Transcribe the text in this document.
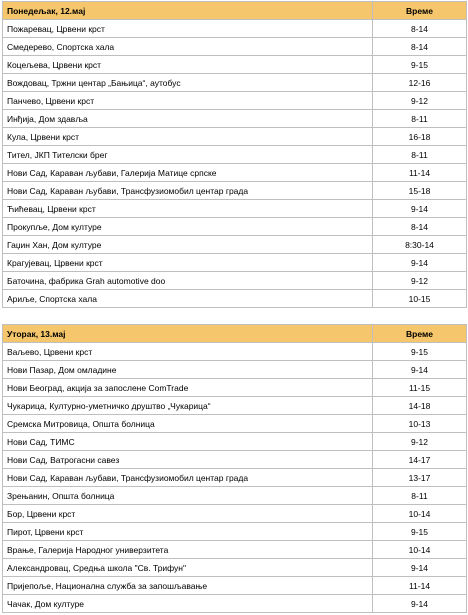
Понедељак, 12.мај	Време
Пожаревац, Црвени крст	8-14
Смедерево, Спортска хала	8-14
Коцељева, Црвени крст	9-15
Вождовац, Тржни центар „Бањица“, аутобус	12-16
Панчево, Црвени крст	9-12
Инђија, Дом здавља	8-11
Кула, Црвени крст	16-18
Тител, ЈКП Тителски брег	8-11
Нови Сад, Караван љубави, Галерија Матице српске	11-14
Нови Сад, Караван љубави, Трансфузиомобил центар града	15-18
Ћићевац, Црвени крст	9-14
Прокупље, Дом културе	8-14
Гаџин Хан, Дом културе	8:30-14
Крагујевац, Црвени крст	9-14
Баточина, фабрика Grah automotive doo	9-12
Ариље, Спортска хала	10-15
Уторак, 13.мај	Време
Ваљево, Црвени крст	9-15
Нови Пазар, Дом омладине	9-14
Нови Београд, акција за запослене ComTrade	11-15
Чукарица, Културно-уметничко друштво „Чукарица“	14-18
Сремска Митровица, Општа болница	10-13
Нови Сад, ТИМС	9-12
Нови Сад, Ватрогасни савез	14-17
Нови Сад, Караван љубави, Трансфузиомобил центар града	13-17
Зрењанин, Општа болница	8-11
Бор, Црвени крст	10-14
Пирот, Црвени крст	9-15
Врање, Галерија Народног универзитета	10-14
Александровац, Средња школа "Св. Трифун"	9-14
Пријепоље, Национална служба за запошљавање	11-14
Чачак, Дом културе	9-14
